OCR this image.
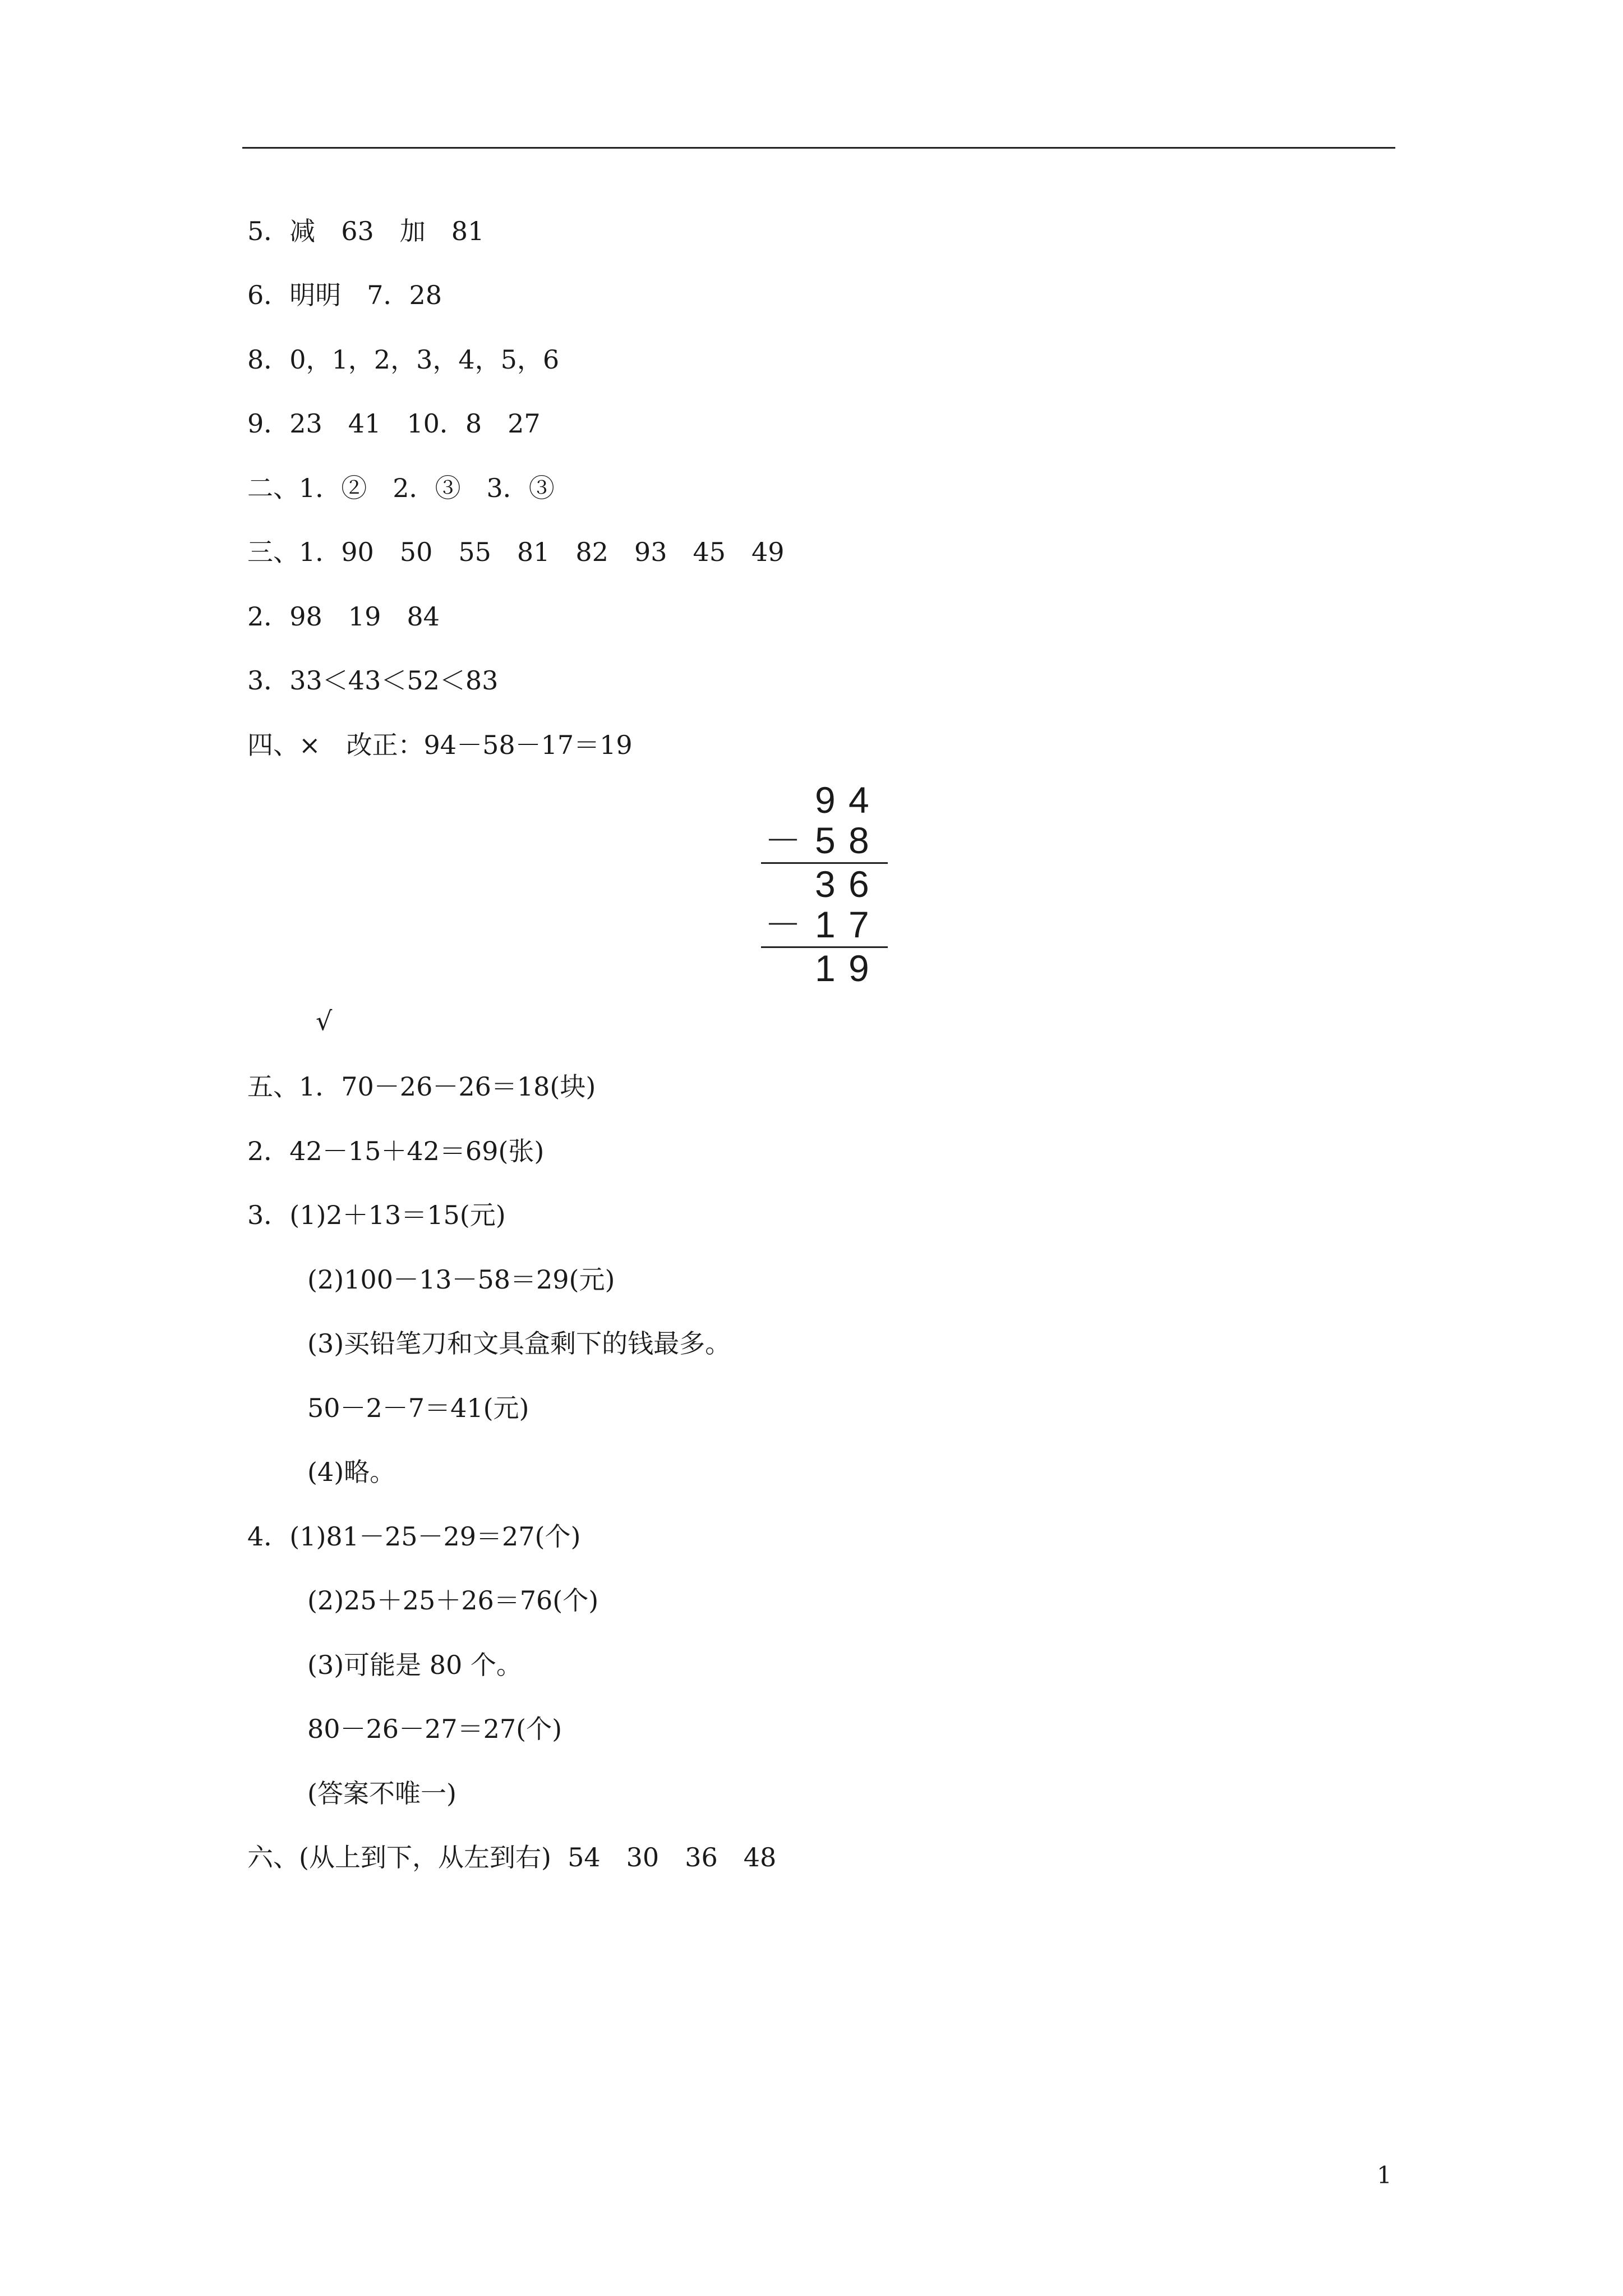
5．减　63　加　81
6．明明　7．28
8．0，1，2，3，4，5，6
9．23　41　10．8　27
二、1．②　2．③　3．③
三、1．90　50　55　81　82　93　45　49
2．98　19　84
3．33＜43＜52＜83
四、×　改正：94－58－17＝19
9 4
－ 5 8
3 6
－ 1 7
1 9
√
五、1．70－26－26＝18(块)
2．42－15＋42＝69(张)
3．(1)2＋13＝15(元)
(2)100－13－58＝29(元)
(3)买铅笔刀和文具盒剩下的钱最多。
50－2－7＝41(元)
(4)略。
4．(1)81－25－29＝27(个)
(2)25＋25＋26＝76(个)
(3)可能是 80 个。
80－26－27＝27(个)
(答案不唯一)
六、(从上到下，从左到右)  54　30　36　48
1
